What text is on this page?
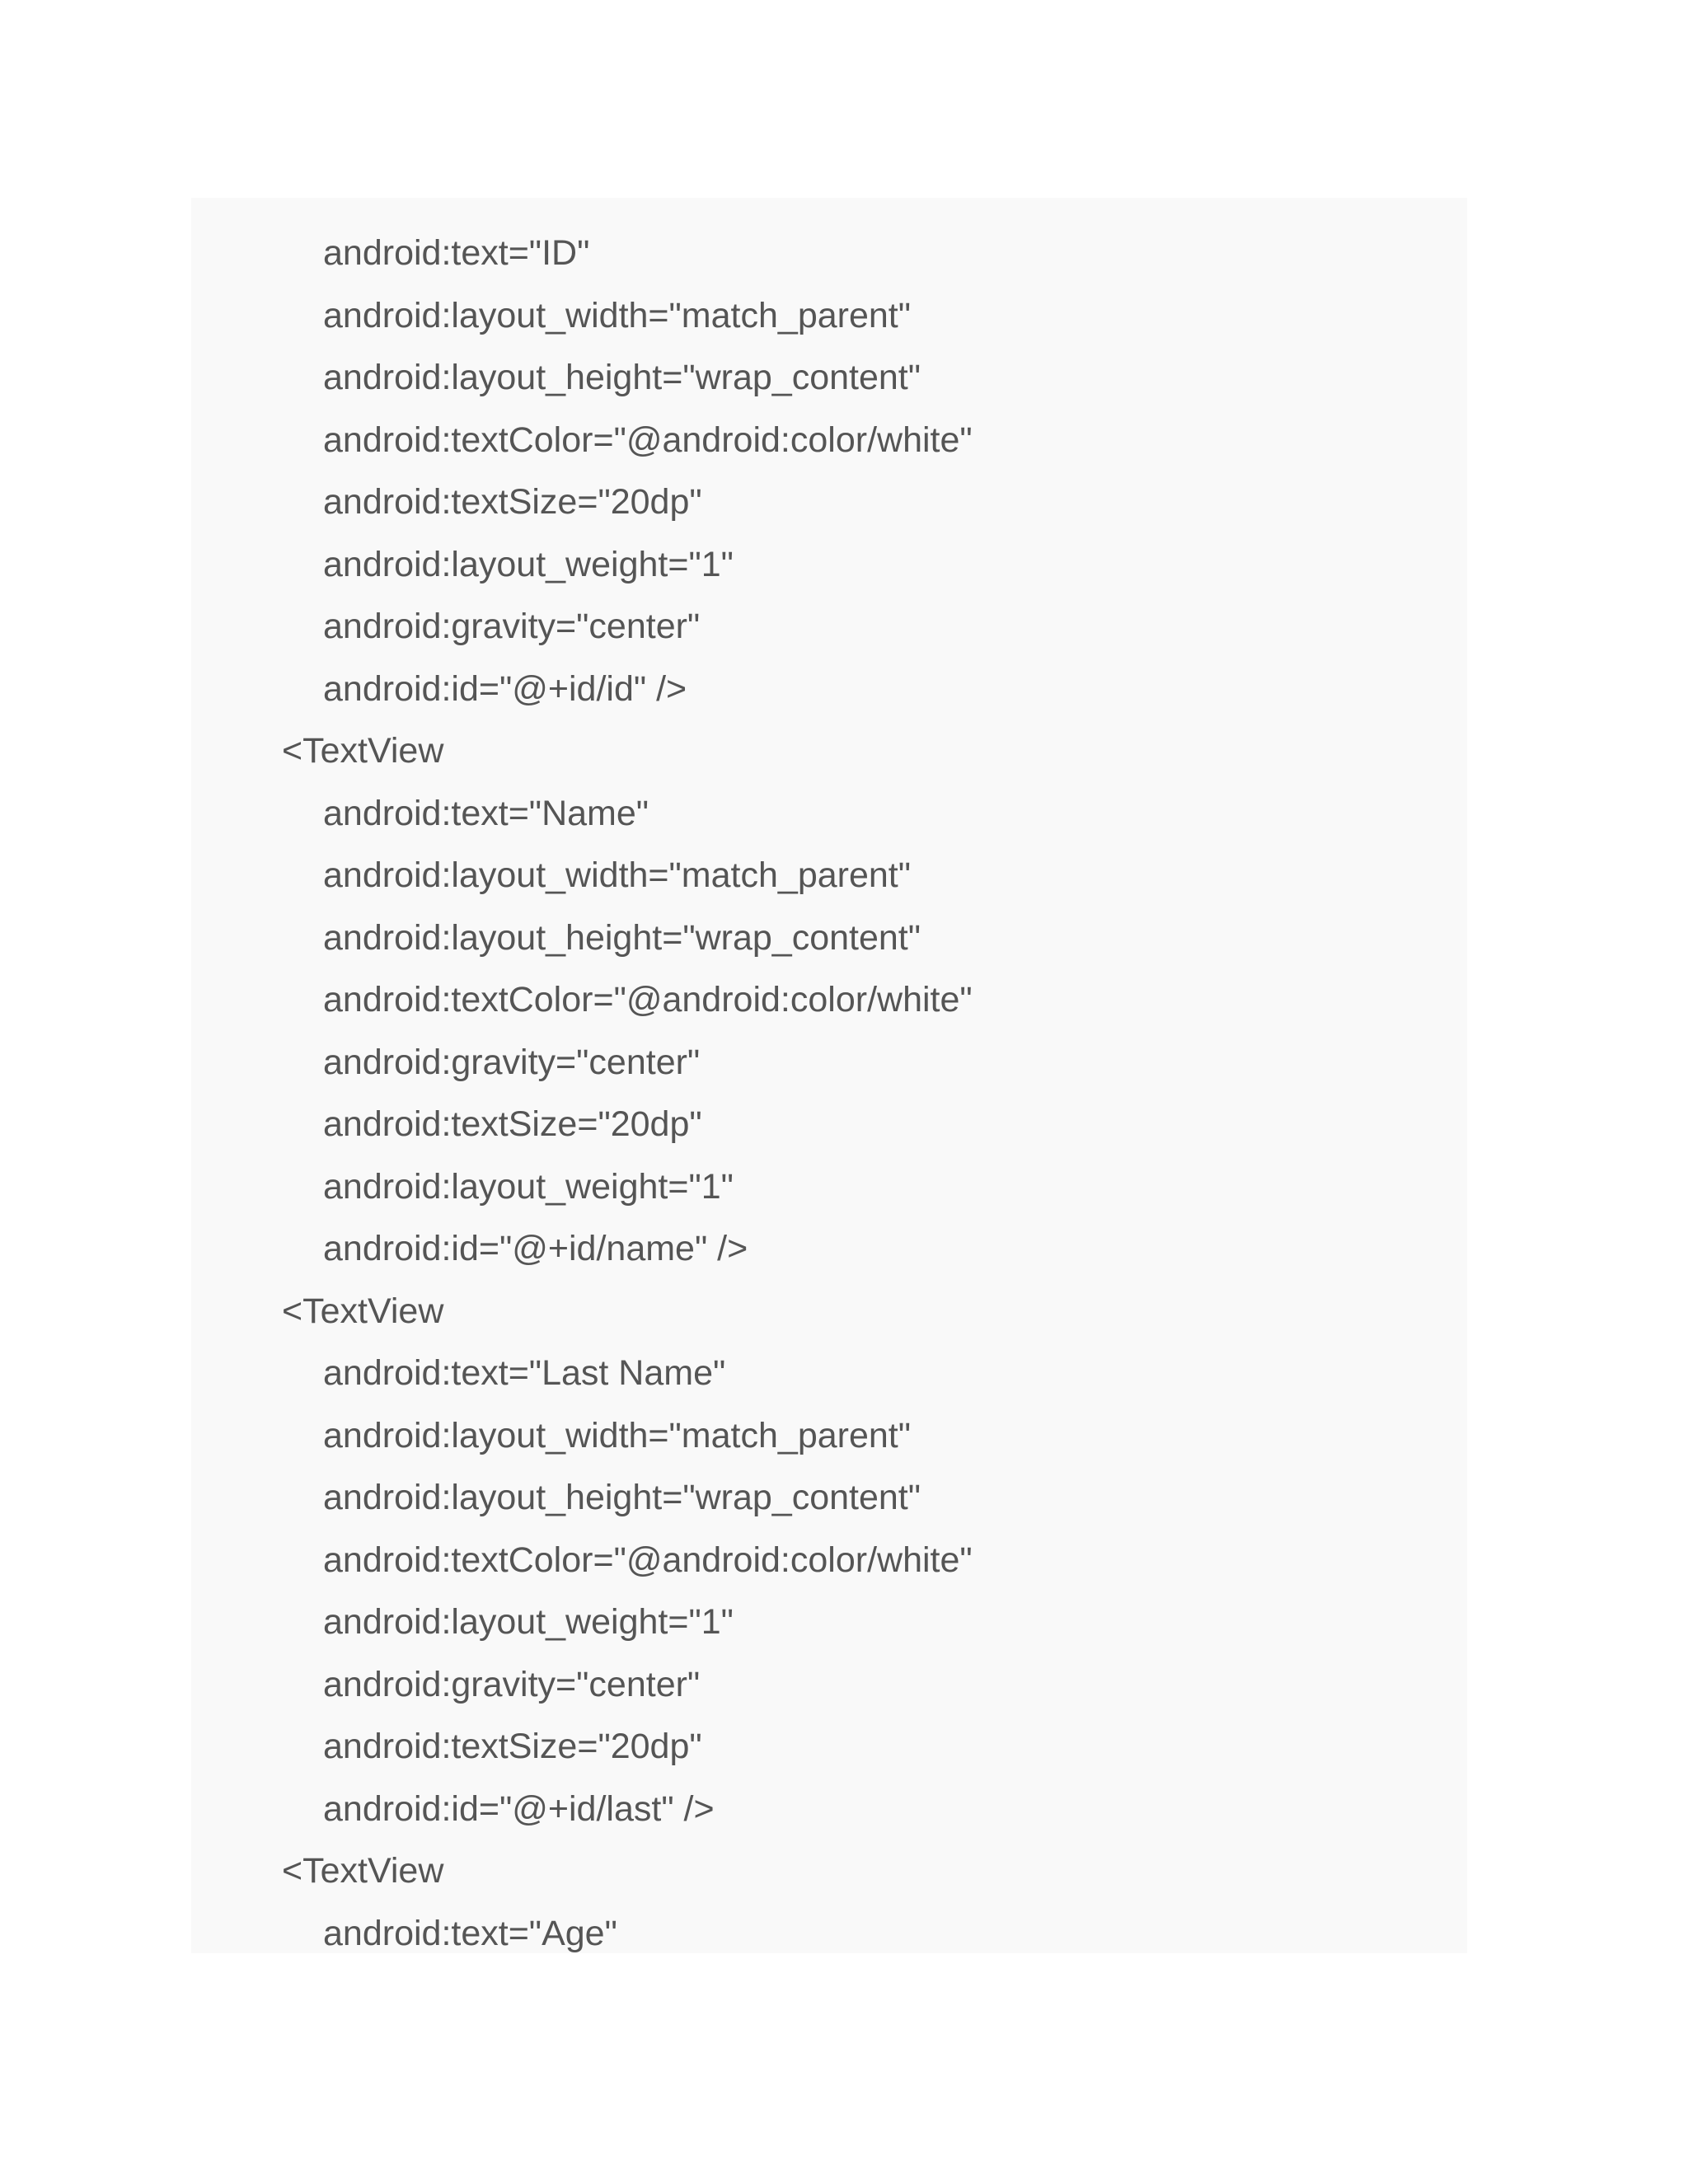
android:text="ID"
android:layout_width="match_parent"
android:layout_height="wrap_content"
android:textColor="@android:color/white"
android:textSize="20dp"
android:layout_weight="1"
android:gravity="center"
android:id="@+id/id" />
<TextView
android:text="Name"
android:layout_width="match_parent"
android:layout_height="wrap_content"
android:textColor="@android:color/white"
android:gravity="center"
android:textSize="20dp"
android:layout_weight="1"
android:id="@+id/name" />
<TextView
android:text="Last Name"
android:layout_width="match_parent"
android:layout_height="wrap_content"
android:textColor="@android:color/white"
android:layout_weight="1"
android:gravity="center"
android:textSize="20dp"
android:id="@+id/last" />
<TextView
android:text="Age"
